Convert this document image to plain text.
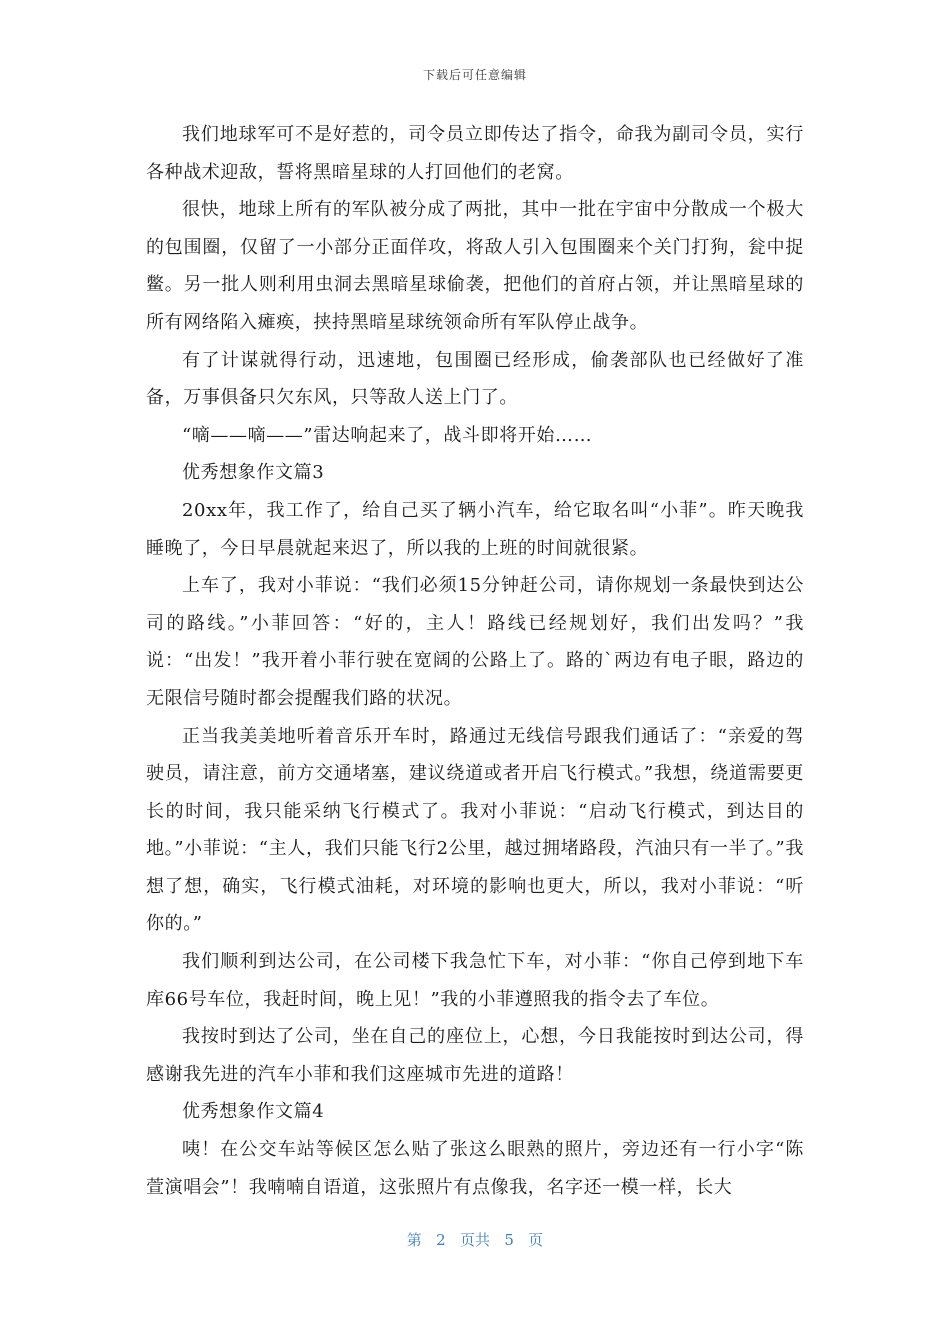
下载后可任意编辑

我们地球军可不是好惹的，司令员立即传达了指令，命我为副司令员，实行各种战术迎敌，誓将黑暗星球的人打回他们的老窝。

很快，地球上所有的军队被分成了两批，其中一批在宇宙中分散成一个极大的包围圈，仅留了一小部分正面佯攻，将敌人引入包围圈来个关门打狗，瓮中捉鳖。另一批人则利用虫洞去黑暗星球偷袭，把他们的首府占领，并让黑暗星球的所有网络陷入瘫痪，挟持黑暗星球统领命所有军队停止战争。

有了计谋就得行动，迅速地，包围圈已经形成，偷袭部队也已经做好了准备，万事俱备只欠东风，只等敌人送上门了。

“嘀——嘀——”雷达响起来了，战斗即将开始……

优秀想象作文篇3

20xx年，我工作了，给自己买了辆小汽车，给它取名叫“小菲”。昨天晚我睡晚了，今日早晨就起来迟了，所以我的上班的时间就很紧。

上车了，我对小菲说：“我们必须15分钟赶公司，请你规划一条最快到达公司的路线。”小菲回答：“好的，主人！路线已经规划好，我们出发吗？”我说：“出发！”我开着小菲行驶在宽阔的公路上了。路的`两边有电子眼，路边的无限信号随时都会提醒我们路的状况。

正当我美美地听着音乐开车时，路通过无线信号跟我们通话了：“亲爱的驾驶员，请注意，前方交通堵塞，建议绕道或者开启飞行模式。”我想，绕道需要更长的时间，我只能采纳飞行模式了。我对小菲说：“启动飞行模式，到达目的地。”小菲说：“主人，我们只能飞行2公里，越过拥堵路段，汽油只有一半了。”我想了想，确实，飞行模式油耗，对环境的影响也更大，所以，我对小菲说：“听你的。”

我们顺利到达公司，在公司楼下我急忙下车，对小菲：“你自己停到地下车库66号车位，我赶时间，晚上见！”我的小菲遵照我的指令去了车位。

我按时到达了公司，坐在自己的座位上，心想，今日我能按时到达公司，得感谢我先进的汽车小菲和我们这座城市先进的道路！

优秀想象作文篇4

咦！在公交车站等候区怎么贴了张这么眼熟的照片，旁边还有一行小字“陈萱演唱会”！我喃喃自语道，这张照片有点像我，名字还一模一样，长大

第 2 页共 5 页
